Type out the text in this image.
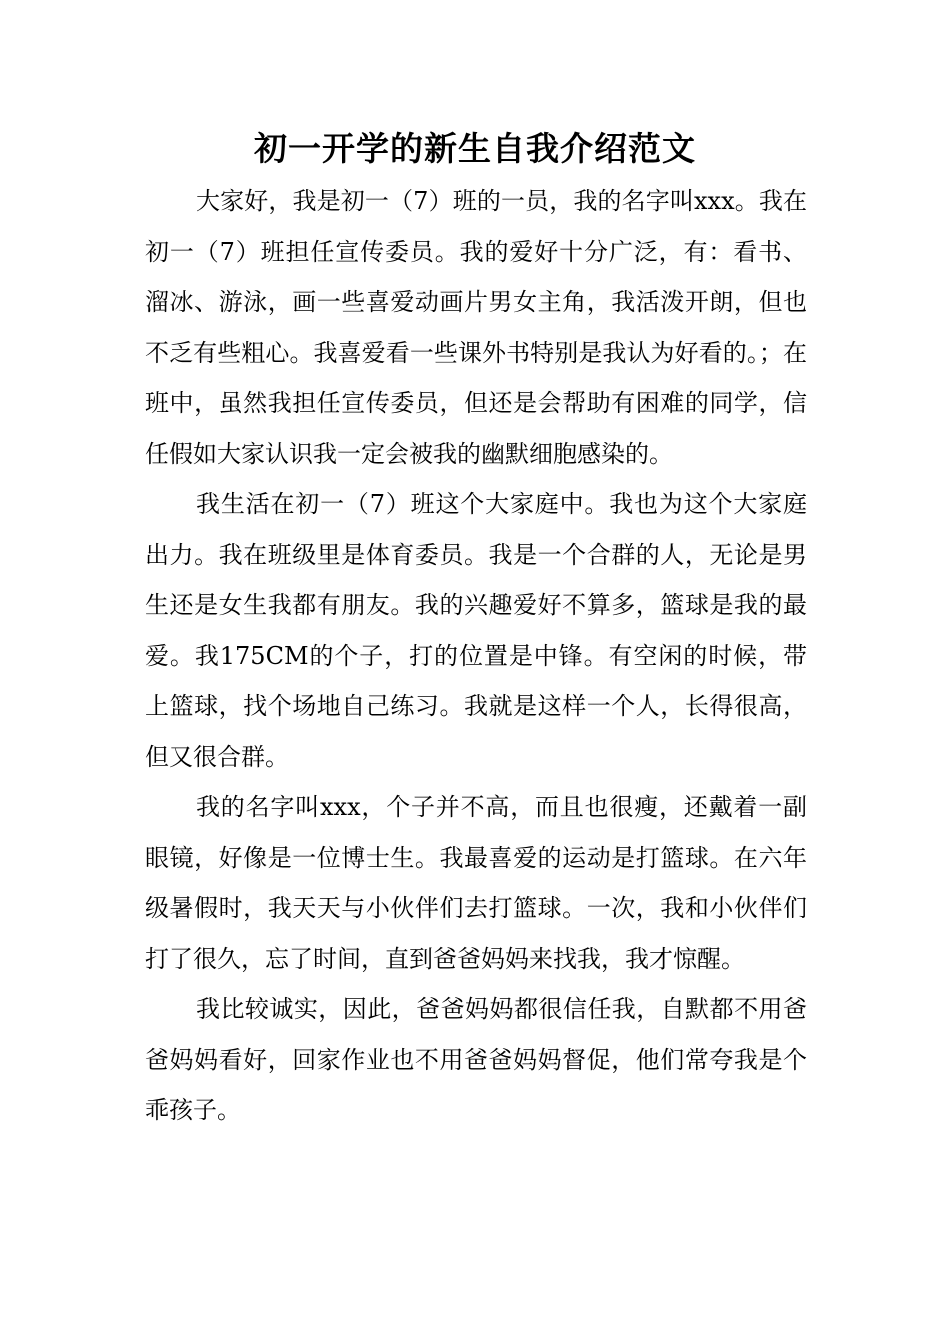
初一开学的新生自我介绍范文

大家好，我是初一（7）班的一员，我的名字叫xxx。我在初一（7）班担任宣传委员。我的爱好十分广泛，有：看书、溜冰、游泳，画一些喜爱动画片男女主角，我活泼开朗，但也不乏有些粗心。我喜爱看一些课外书特别是我认为好看的。；在班中，虽然我担任宣传委员，但还是会帮助有困难的同学，信任假如大家认识我一定会被我的幽默细胞感染的。

我生活在初一（7）班这个大家庭中。我也为这个大家庭出力。我在班级里是体育委员。我是一个合群的人，无论是男生还是女生我都有朋友。我的兴趣爱好不算多，篮球是我的最爱。我175CM的个子，打的位置是中锋。有空闲的时候，带上篮球，找个场地自己练习。我就是这样一个人，长得很高，但又很合群。

我的名字叫xxx，个子并不高，而且也很瘦，还戴着一副眼镜，好像是一位博士生。我最喜爱的运动是打篮球。在六年级暑假时，我天天与小伙伴们去打篮球。一次，我和小伙伴们打了很久，忘了时间，直到爸爸妈妈来找我，我才惊醒。

我比较诚实，因此，爸爸妈妈都很信任我，自默都不用爸爸妈妈看好，回家作业也不用爸爸妈妈督促，他们常夸我是个乖孩子。
